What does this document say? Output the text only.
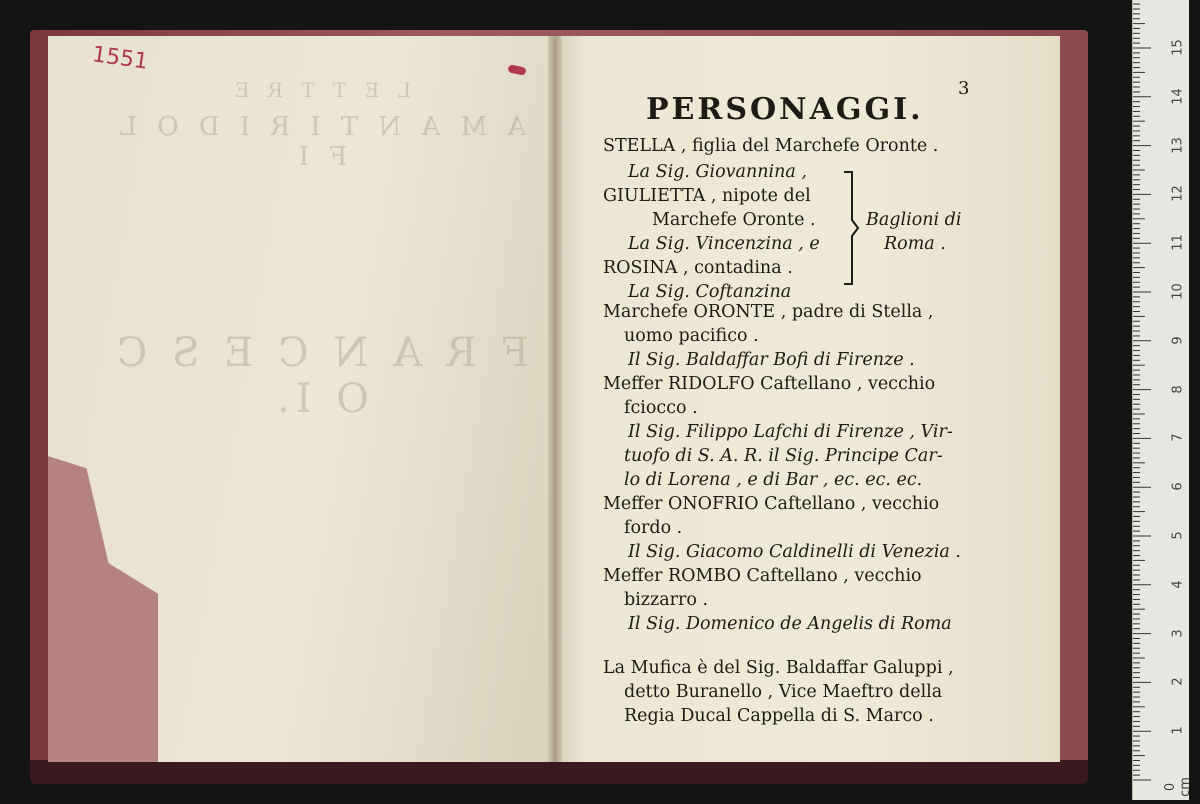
L E T T R E
A M A N T I R I D O L F I
F R A N C E S C O I.
1551
3
PERSONAGGI.
STELLA , figlia del Marchefe Oronte .
La Sig. Giovannina ,
GIULIETTA , nipote del
Marchefe Oronte .
La Sig. Vincenzina , e
ROSINA , contadina .
La Sig. Coftanzina
Baglioni di
Roma .
Marchefe ORONTE , padre di Stella ,
uomo pacifico .
Il Sig. Baldaffar Bofi di Firenze .
Meffer RIDOLFO Caftellano , vecchio
fciocco .
Il Sig. Filippo Lafchi di Firenze , Vir-
tuofo di S. A. R. il Sig. Principe Car-
lo di Lorena , e di Bar , ec. ec. ec.
Meffer ONOFRIO Caftellano , vecchio
fordo .
Il Sig. Giacomo Caldinelli di Venezia .
Meffer ROMBO Caftellano , vecchio
bizzarro .
Il Sig. Domenico de Angelis di Roma
La Mufica è del Sig. Baldaffar Galuppi ,
detto Buranello , Vice Maeftro della
Regia Ducal Cappella di S. Marco .
15
14
13
12
11
10
9
8
7
6
5
4
3
2
1
0 cm
